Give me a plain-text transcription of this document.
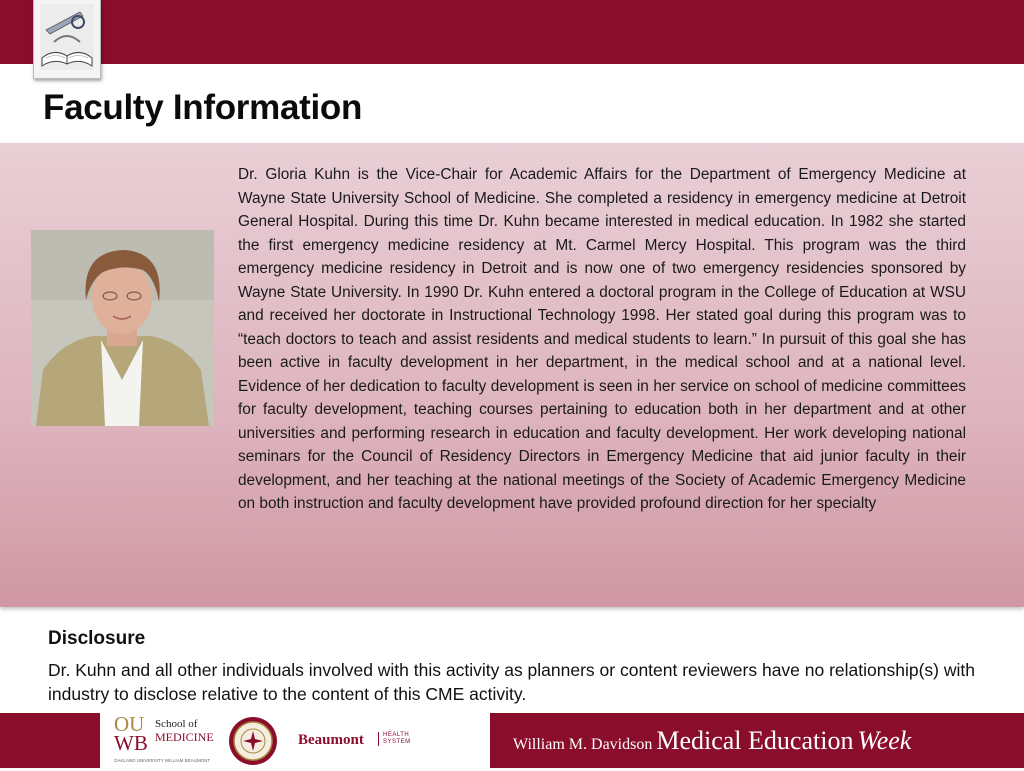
Faculty Information

Dr. Gloria Kuhn is the Vice-Chair for Academic Affairs for the Department of Emergency Medicine at Wayne State University School of Medicine. She completed a residency in emergency medicine at Detroit General Hospital. During this time Dr. Kuhn became interested in medical education. In 1982 she started the first emergency medicine residency at Mt. Carmel Mercy Hospital. This program was the third emergency medicine residency in Detroit and is now one of two emergency residencies sponsored by Wayne State University. In 1990 Dr. Kuhn entered a doctoral program in the College of Education at WSU and received her doctorate in Instructional Technology 1998. Her stated goal during this program was to “teach doctors to teach and assist residents and medical students to learn.” In pursuit of this goal she has been active in faculty development in her department, in the medical school and at a national level. Evidence of her dedication to faculty development is seen in her service on school of medicine committees for faculty development, teaching courses pertaining to education both in her department and at other universities and performing research in education and faculty development. Her work developing national seminars for the Council of Residency Directors in Emergency Medicine that aid junior faculty in their development, and her teaching at the national meetings of the Society of Academic Emergency Medicine on both instruction and faculty development have provided profound direction for her specialty

Disclosure

Dr. Kuhn and all other individuals involved with this activity as planners or content reviewers have no relationship(s) with industry to disclose relative to the content of this CME activity.

OU
WB
School of
MEDICINE
OAKLAND UNIVERSITY WILLIAM BEAUMONT
Beaumont	HEALTH
SYSTEM	William M. Davidson Medical Education Week
